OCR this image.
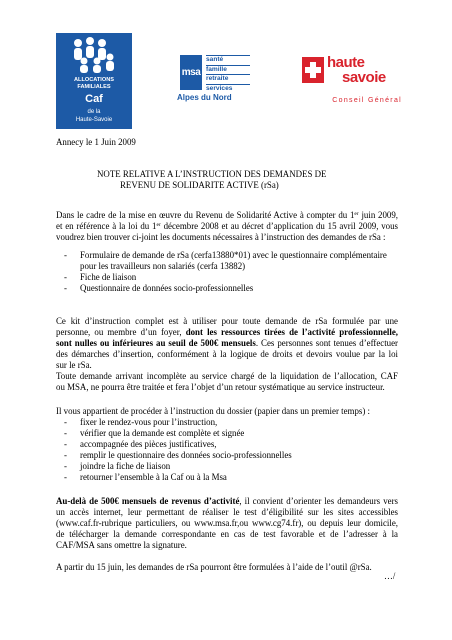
ALLOCATIONS
FAMILIALES
Caf
de la
Haute-Savoie
msa
santé
famille
retraite
services
Alpes du Nord
haute
savoie
Conseil Général
Annecy le 1 Juin 2009
NOTE RELATIVE A L’INSTRUCTION DES DEMANDES DE
REVENU DE SOLIDARITE ACTIVE (rSa)
Dans le cadre de la mise en œuvre du Revenu de Solidarité Active à compter du 1er juin 2009,
et en référence à la loi du 1er décembre 2008 et au décret d’application du 15 avril 2009, vous
voudrez bien trouver ci-joint les documents nécessaires à l’instruction des demandes de rSa :
- Formulaire de demande de rSa (cerfa13880*01) avec le questionnaire complémentaire
pour les travailleurs non salariés (cerfa 13882)
- Fiche de liaison
- Questionnaire de données socio-professionnelles
Ce kit d’instruction complet est à utiliser pour toute demande de rSa formulée par une
personne, ou membre d’un foyer, dont les ressources tirées de l’activité professionnelle,
sont nulles ou inférieures au seuil de 500€ mensuels. Ces personnes sont tenues d’effectuer
des démarches d’insertion, conformément à la logique de droits et devoirs voulue par la loi
sur le rSa.
Toute demande arrivant incomplète au service chargé de la liquidation de l’allocation, CAF
ou MSA, ne pourra être traitée et fera l’objet d’un retour systématique au service instructeur.
Il vous appartient de procéder à l’instruction du dossier (papier dans un premier temps) :
- fixer le rendez-vous pour l’instruction,
- vérifier que la demande est complète et signée
- accompagnée des pièces justificatives,
- remplir le questionnaire des données socio-professionnelles
- joindre la fiche de liaison
- retourner l’ensemble à la Caf ou à la Msa
Au-delà de 500€ mensuels de revenus d’activité, il convient d’orienter les demandeurs vers
un accès internet, leur permettant de réaliser le test d’éligibilité sur les sites accessibles
(www.caf.fr-rubrique particuliers, ou www.msa.fr,ou www.cg74.fr), ou depuis leur domicile,
de télécharger la demande correspondante en cas de test favorable et de l’adresser à la
CAF/MSA sans omettre la signature.
A partir du 15 juin, les demandes de rSa pourront être formulées à l’aide de l’outil @rSa.
…/
